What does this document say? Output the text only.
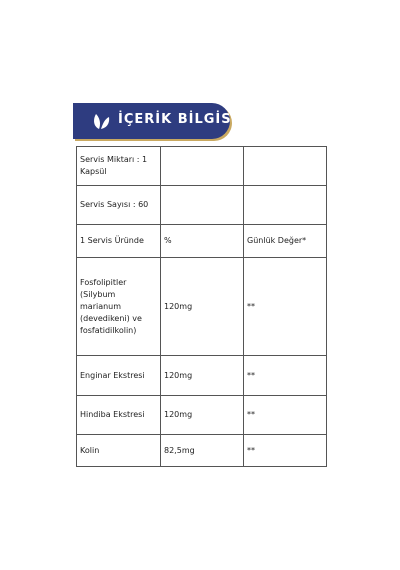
İÇERİK BİLGİSİ
Servis Miktarı : 1 Kapsül		
Servis Sayısı : 60		
1 Servis Üründe	%	Günlük Değer*
Fosfolipitler (Silybum marianum (devedikeni) ve fosfatidilkolin)	120mg	**
Enginar Ekstresi	120mg	**
Hindiba Ekstresi	120mg	**
Kolin	82,5mg	**
